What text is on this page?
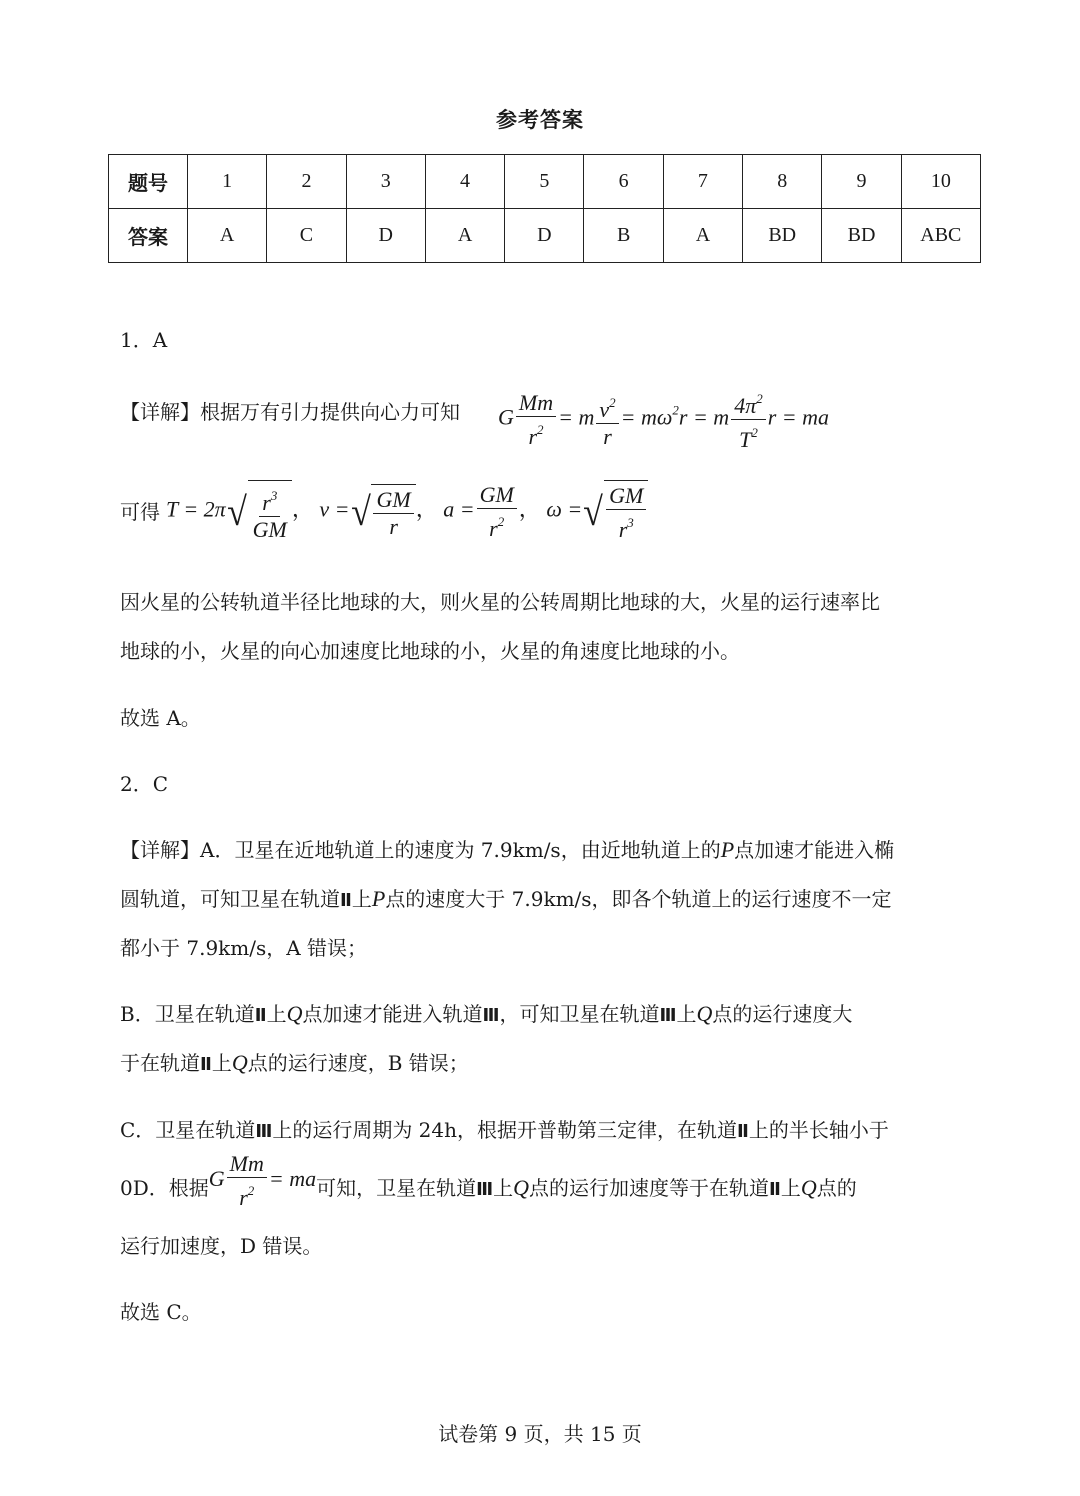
参考答案
题号	1	2	3	4	5	6	7	8	9	10
答案	A	C	D	A	D	B	A	BD	BD	ABC
1．A
【详解】根据万有引力提供向心力可知	G $\frac{Mm}{r^2} = m \frac{v^2}{r} = m\omega^2r = m \frac{4\pi^2}{T^2}$ r = ma
可得 T = 2π √ $\frac{r^3}{GM}$ ， v = √ $\frac{GM}{r}$ ， $a = \frac{GM}{r^2}$ ， ω = √ $\frac{GM}{r^3}$
因火星的公转轨道半径比地球的大，则火星的公转周期比地球的大，火星的运行速率比
地球的小，火星的向心加速度比地球的小，火星的角速度比地球的小。
故选 A。
2．C
【详解】A．卫星在近地轨道上的速度为 7.9km/s，由近地轨道上的P点加速才能进入椭
圆轨道，可知卫星在轨道Ⅱ上P点的速度大于 7.9km/s，即各个轨道上的运行速度不一定
都小于 7.9km/s，A 错误；
B．卫星在轨道Ⅱ上Q点加速才能进入轨道Ⅲ，可知卫星在轨道Ⅲ上Q点的运行速度大
于在轨道Ⅱ上Q点的运行速度，B 错误；
C．卫星在轨道Ⅲ上的运行周期为 24h，根据开普勒第三定律，在轨道Ⅱ上的半长轴小于
0D．根据G $\frac{Mm}{r^2}$ = ma可知，卫星在轨道Ⅲ上Q点的运行加速度等于在轨道Ⅱ上Q点的
运行加速度，D 错误。
故选 C。
试卷第 9 页，共 15 页
